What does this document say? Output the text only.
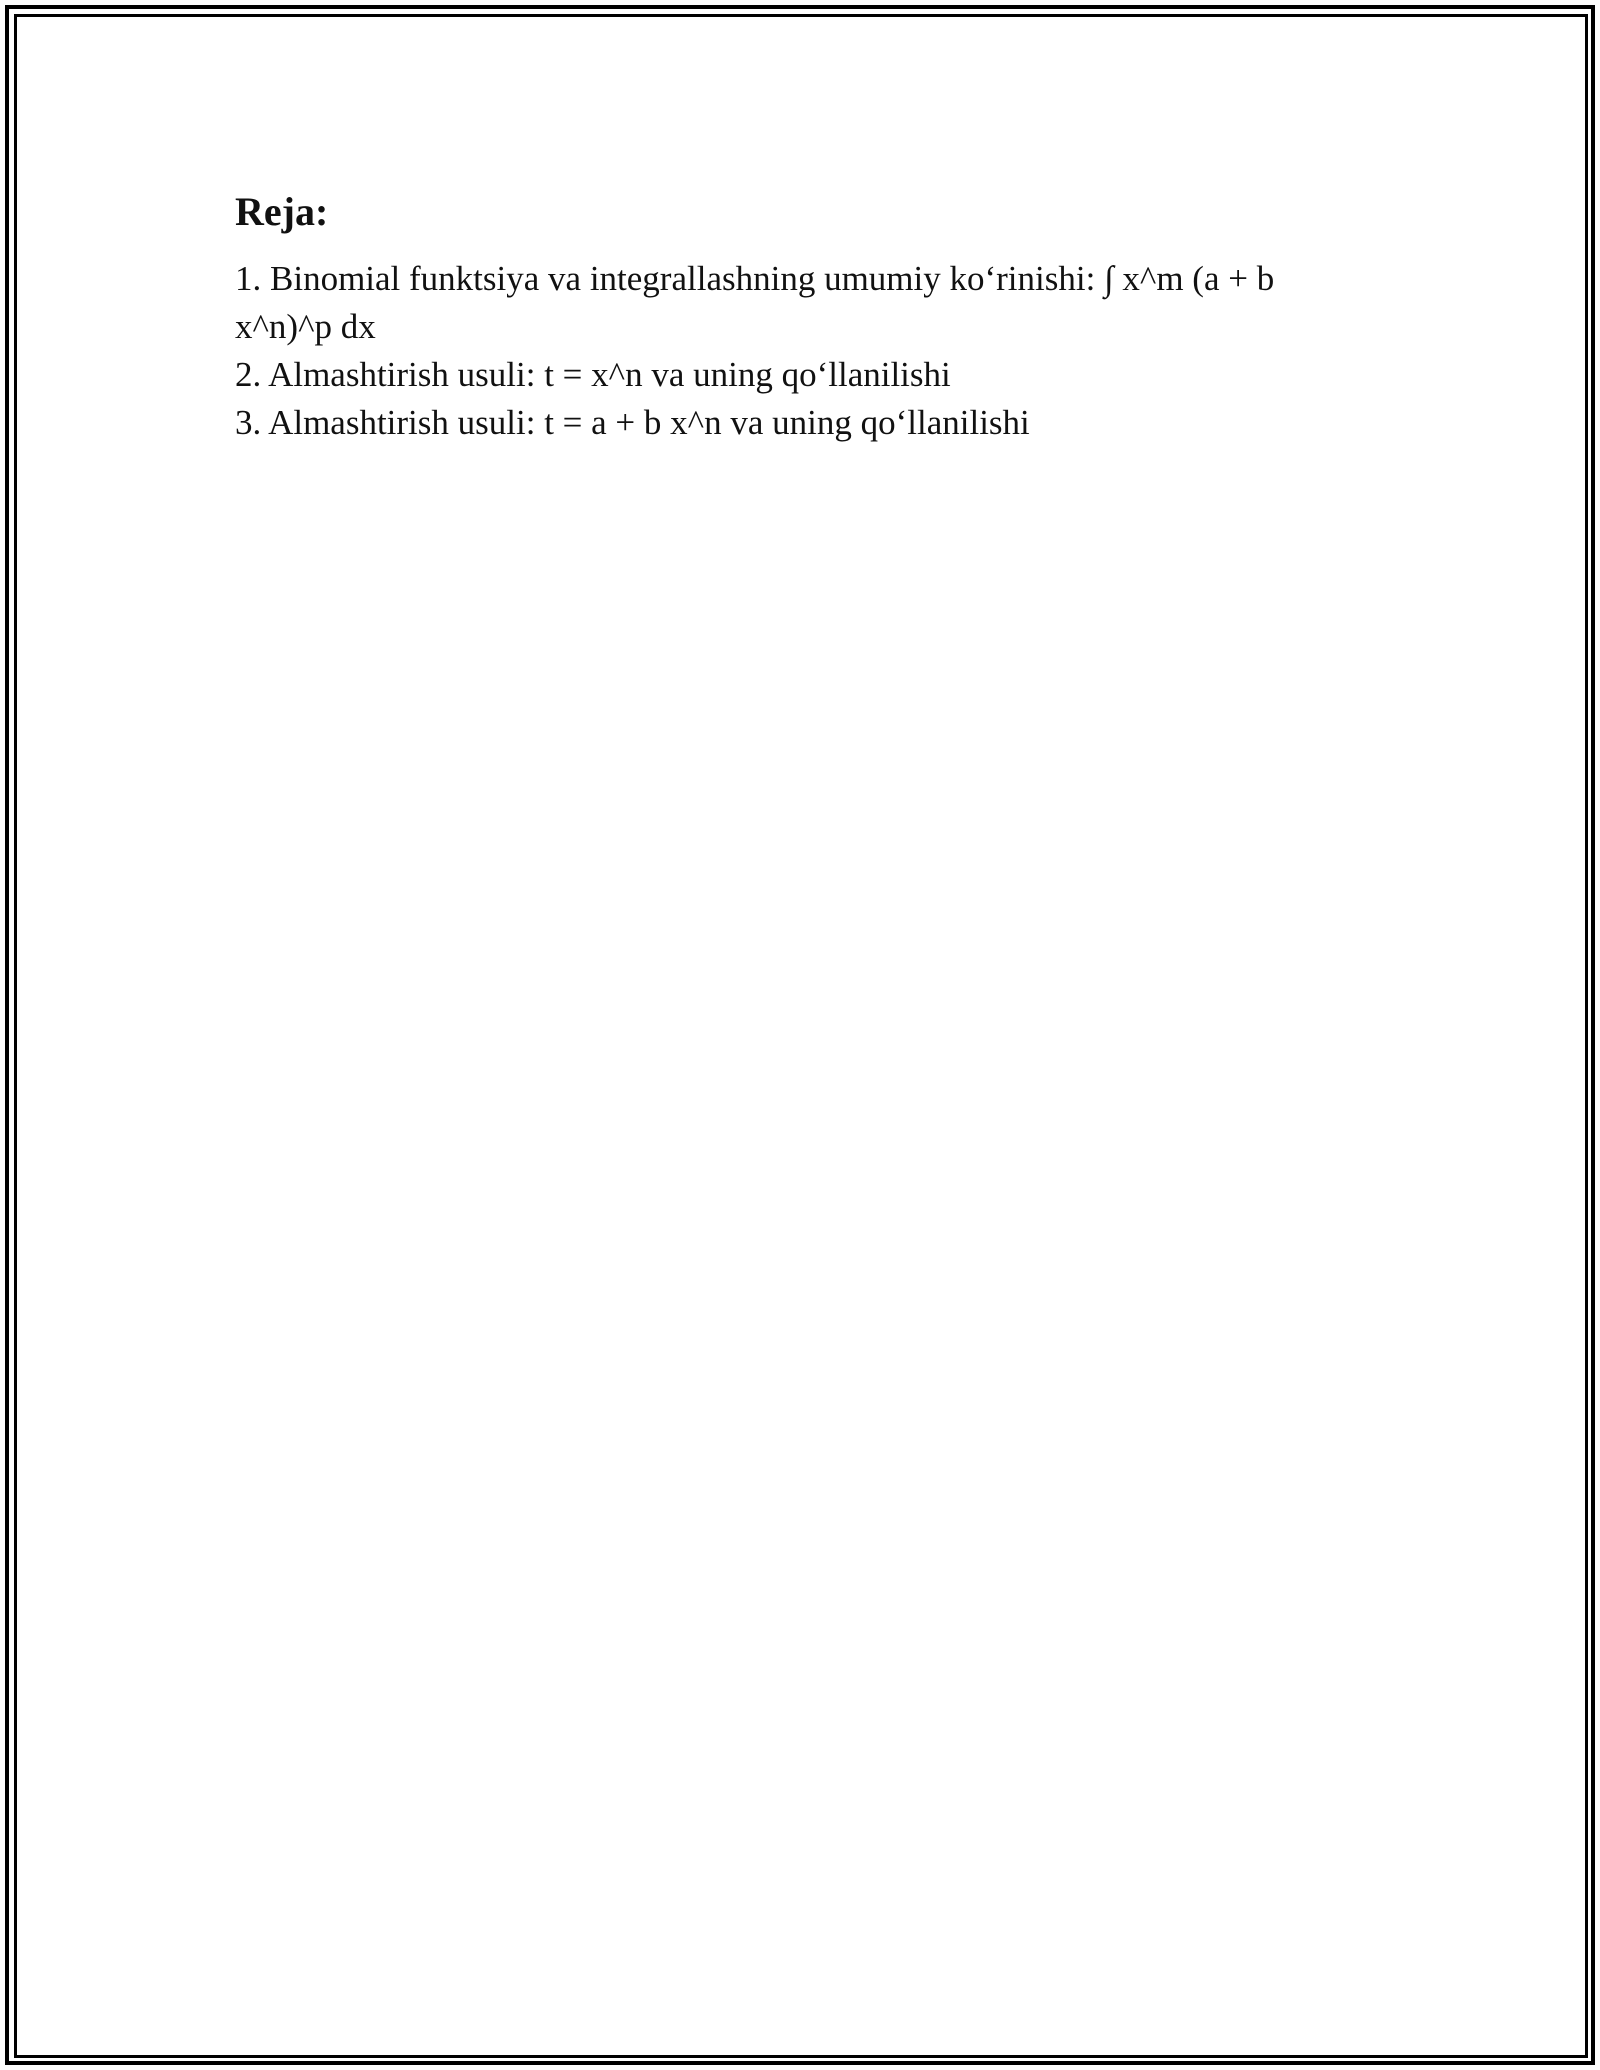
Reja:
1. Binomial funktsiya va integrallashning umumiy ko‘rinishi: ∫ x^m (a + b
x^n)^p dx
2. Almashtirish usuli: t = x^n va uning qo‘llanilishi
3. Almashtirish usuli: t = a + b x^n va uning qo‘llanilishi
